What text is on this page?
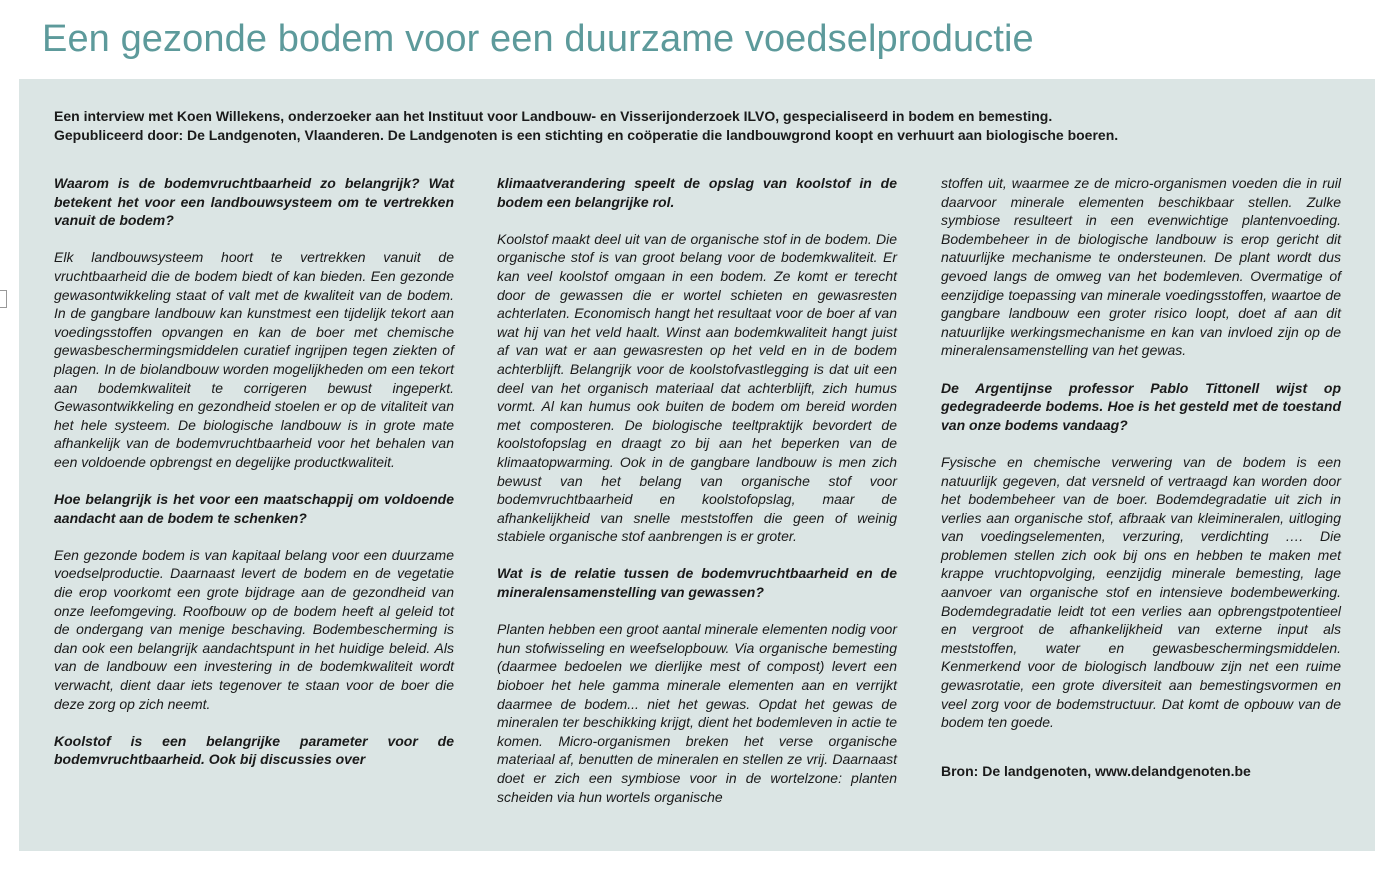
Een gezonde bodem voor een duurzame voedselproductie

Een interview met Koen Willekens, onderzoeker aan het Instituut voor Landbouw- en Visserijonderzoek ILVO, gespecialiseerd in bodem en bemesting.

Gepubliceerd door: De Landgenoten, Vlaanderen. De Landgenoten is een stichting en coöperatie die landbouwgrond koopt en verhuurt aan biologische boeren.

Waarom is de bodemvruchtbaarheid zo belangrijk? Wat betekent het voor een landbouwsysteem om te vertrekken vanuit de bodem?

Elk landbouwsysteem hoort te vertrekken vanuit de vruchtbaarheid die de bodem biedt of kan bieden. Een gezonde gewasontwikkeling staat of valt met de kwaliteit van de bodem. In de gangbare landbouw kan kunstmest een tijdelijk tekort aan voedingsstoffen opvangen en kan de boer met chemische gewasbeschermingsmiddelen curatief ingrijpen tegen ziekten of plagen. In de biolandbouw worden mogelijkheden om een tekort aan bodemkwaliteit te corrigeren bewust ingeperkt. Gewasontwikkeling en gezondheid stoelen er op de vitaliteit van het hele systeem. De biologische landbouw is in grote mate afhankelijk van de bodemvruchtbaarheid voor het behalen van een voldoende opbrengst en degelijke productkwaliteit.

Hoe belangrijk is het voor een maatschappij om voldoende aandacht aan de bodem te schenken?

Een gezonde bodem is van kapitaal belang voor een duurzame voedselproductie. Daarnaast levert de bodem en de vegetatie die erop voorkomt een grote bijdrage aan de gezondheid van onze leefomgeving. Roofbouw op de bodem heeft al geleid tot de ondergang van menige beschaving. Bodembescherming is dan ook een belangrijk aandachtspunt in het huidige beleid. Als van de landbouw een investering in de bodemkwaliteit wordt verwacht, dient daar iets tegenover te staan voor de boer die deze zorg op zich neemt.

Koolstof is een belangrijke parameter voor de bodemvruchtbaarheid. Ook bij discussies over

klimaatverandering speelt de opslag van koolstof in de bodem een belangrijke rol.

Koolstof maakt deel uit van de organische stof in de bodem. Die organische stof is van groot belang voor de bodemkwaliteit. Er kan veel koolstof omgaan in een bodem. Ze komt er terecht door de gewassen die er wortel schieten en gewasresten achterlaten. Economisch hangt het resultaat voor de boer af van wat hij van het veld haalt. Winst aan bodemkwaliteit hangt juist af van wat er aan gewasresten op het veld en in de bodem achterblijft. Belangrijk voor de koolstofvastlegging is dat uit een deel van het organisch materiaal dat achterblijft, zich humus vormt. Al kan humus ook buiten de bodem om bereid worden met composteren. De biologische teeltpraktijk bevordert de koolstofopslag en draagt zo bij aan het beperken van de klimaatopwarming. Ook in de gangbare landbouw is men zich bewust van het belang van organische stof voor bodemvruchtbaarheid en koolstofopslag, maar de afhankelijkheid van snelle meststoffen die geen of weinig stabiele organische stof aanbrengen is er groter.

Wat is de relatie tussen de bodemvruchtbaarheid en de mineralensamenstelling van gewassen?

Planten hebben een groot aantal minerale elementen nodig voor hun stofwisseling en weefselopbouw. Via organische bemesting (daarmee bedoelen we dierlijke mest of compost) levert een bioboer het hele gamma minerale elementen aan en verrijkt daarmee de bodem... niet het gewas. Opdat het gewas de mineralen ter beschikking krijgt, dient het bodemleven in actie te komen. Micro-organismen breken het verse organische materiaal af, benutten de mineralen en stellen ze vrij. Daarnaast doet er zich een symbiose voor in de wortelzone: planten scheiden via hun wortels organische

stoffen uit, waarmee ze de micro-organismen voeden die in ruil daarvoor minerale elementen beschikbaar stellen. Zulke symbiose resulteert in een evenwichtige plantenvoeding. Bodembeheer in de biologische landbouw is erop gericht dit natuurlijke mechanisme te ondersteunen. De plant wordt dus gevoed langs de omweg van het bodemleven. Overmatige of eenzijdige toepassing van minerale voedingsstoffen, waartoe de gangbare landbouw een groter risico loopt, doet af aan dit natuurlijke werkingsmechanisme en kan van invloed zijn op de mineralensamenstelling van het gewas.

De Argentijnse professor Pablo Tittonell wijst op gedegradeerde bodems. Hoe is het gesteld met de toestand van onze bodems vandaag?

Fysische en chemische verwering van de bodem is een natuurlijk gegeven, dat versneld of vertraagd kan worden door het bodembeheer van de boer. Bodemdegradatie uit zich in verlies aan organische stof, afbraak van kleimineralen, uitloging van voedingselementen, verzuring, verdichting …. Die problemen stellen zich ook bij ons en hebben te maken met krappe vruchtopvolging, eenzijdig minerale bemesting, lage aanvoer van organische stof en intensieve bodembewerking. Bodemdegradatie leidt tot een verlies aan opbrengstpotentieel en vergroot de afhankelijkheid van externe input als meststoffen, water en gewasbeschermingsmiddelen. Kenmerkend voor de biologisch landbouw zijn net een ruime gewasrotatie, een grote diversiteit aan bemestingsvormen en veel zorg voor de bodemstructuur. Dat komt de opbouw van de bodem ten goede.

Bron: De landgenoten, www.delandgenoten.be
